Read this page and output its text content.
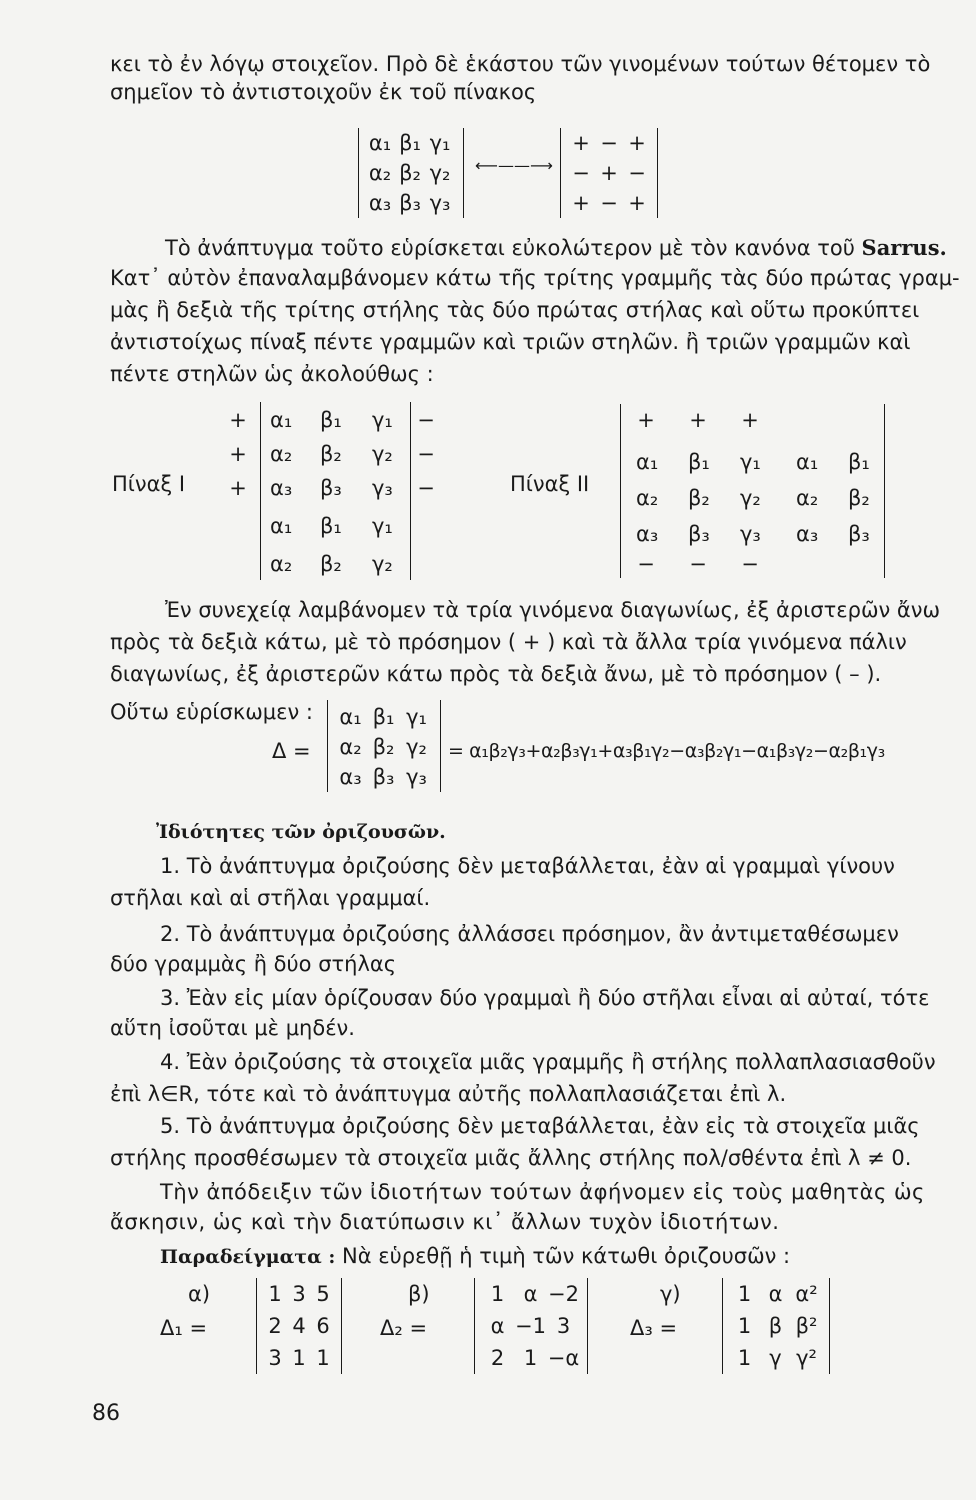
κει τὸ ἐν λόγῳ στοιχεῖον. Πρὸ δὲ ἑκάστου τῶν γινομένων τούτων θέτομεν τὸ
σημεῖον τὸ ἀντιστοιχοῦν ἐκ τοῦ πίνακος
α₁ β₁ γ₁
α₂ β₂ γ₂
α₃ β₃ γ₃
⟵——⟶
+ − +
− + −
+ − +
Τὸ ἀνάπτυγμα τοῦτο εὑρίσκεται εὐκολώτερον μὲ τὸν κανόνα τοῦ Sarrus.
Κατ᾽ αὐτὸν ἐπαναλαμβάνομεν κάτω τῆς τρίτης γραμμῆς τὰς δύο πρώτας γραμ-
μὰς ἢ δεξιὰ τῆς τρίτης στήλης τὰς δύο πρώτας στήλας καὶ οὕτω προκύπτει
ἀντιστοίχως πίναξ πέντε γραμμῶν καὶ τριῶν στηλῶν. ἢ τριῶν γραμμῶν καὶ
πέντε στηλῶν ὡς ἀκολούθως :
Πίναξ Ι
+
+
+
−
−
−
α₁ β₁ γ₁
α₂ β₂ γ₂
α₃ β₃ γ₃
α₁ β₁ γ₁
α₂ β₂ γ₂
Πίναξ ΙΙ
α₁ β₁ γ₁ α₁ β₁
α₂ β₂ γ₂ α₂ β₂
α₃ β₃ γ₃ α₃ β₃
+ + +
− − −
Ἐν συνεχείᾳ λαμβάνομεν τὰ τρία γινόμενα διαγωνίως, ἐξ ἀριστερῶν ἄνω
πρὸς τὰ δεξιὰ κάτω, μὲ τὸ πρόσημον ( + ) καὶ τὰ ἄλλα τρία γινόμενα πάλιν
διαγωνίως, ἐξ ἀριστερῶν κάτω πρὸς τὰ δεξιὰ ἄνω, μὲ τὸ πρόσημον ( – ).
Οὕτω εὑρίσκωμεν :
Δ =
α₁ β₁ γ₁
α₂ β₂ γ₂
α₃ β₃ γ₃
= α₁β₂γ₃+α₂β₃γ₁+α₃β₁γ₂−α₃β₂γ₁−α₁β₃γ₂−α₂β₁γ₃
Ἰδιότητες τῶν ὀριζουσῶν.
1. Τὸ ἀνάπτυγμα ὀριζούσης δὲν μεταβάλλεται, ἐὰν αἱ γραμμαὶ γίνουν
στῆλαι καὶ αἱ στῆλαι γραμμαί.
2. Τὸ ἀνάπτυγμα ὀριζούσης ἀλλάσσει πρόσημον, ἂν ἀντιμεταθέσωμεν
δύο γραμμὰς ἢ δύο στήλας
3. Ἐὰν εἰς μίαν ὁρίζουσαν δύο γραμμαὶ ἢ δύο στῆλαι εἶναι αἱ αὐταί, τότε
αὕτη ἰσοῦται μὲ μηδέν.
4. Ἐὰν ὀριζούσης τὰ στοιχεῖα μιᾶς γραμμῆς ἢ στήλης πολλαπλασιασθοῦν
ἐπὶ λ∈R, τότε καὶ τὸ ἀνάπτυγμα αὐτῆς πολλαπλασιάζεται ἐπὶ λ.
5. Τὸ ἀνάπτυγμα ὀριζούσης δὲν μεταβάλλεται, ἐὰν εἰς τὰ στοιχεῖα μιᾶς
στήλης προσθέσωμεν τὰ στοιχεῖα μιᾶς ἄλλης στήλης πολ/σθέντα ἐπὶ λ ≠ 0.
Τὴν ἀπόδειξιν τῶν ἰδιοτήτων τούτων ἀφήνομεν εἰς τοὺς μαθητὰς ὡς
ἄσκησιν, ὡς καὶ τὴν διατύπωσιν κι᾽ ἄλλων τυχὸν ἰδιοτήτων.
Παραδείγματα : Νὰ εὑρεθῇ ἡ τιμὴ τῶν κάτωθι ὀριζουσῶν :
α)
Δ₁ =
1 3 5
2 4 6
3 1 1
β)
Δ₂ =
1 α −2
α −1 3
2 1 −α
γ)
Δ₃ =
1 α α²
1 β β²
1 γ γ²
86
